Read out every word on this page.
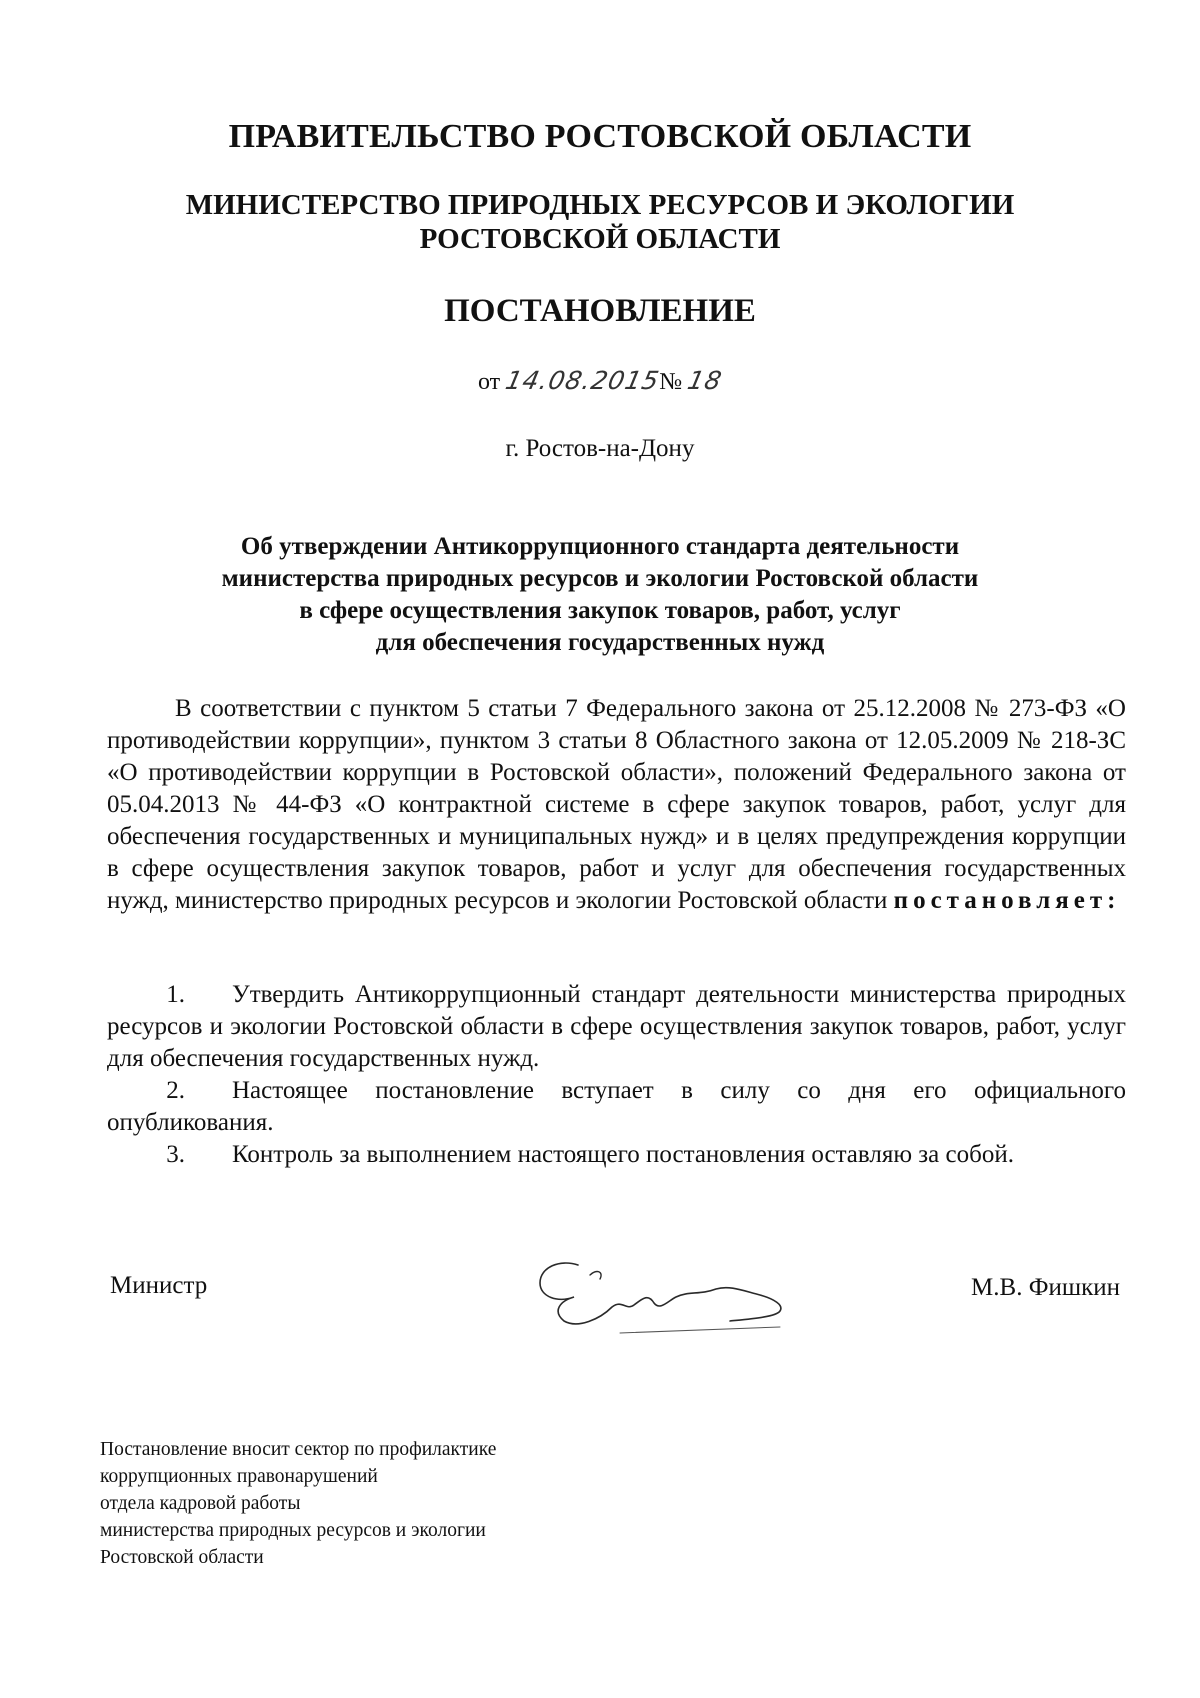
ПРАВИТЕЛЬСТВО РОСТОВСКОЙ ОБЛАСТИ
МИНИСТЕРСТВО ПРИРОДНЫХ РЕСУРСОВ И ЭКОЛОГИИ
РОСТОВСКОЙ ОБЛАСТИ
ПОСТАНОВЛЕНИЕ
от 14.08.2015№ 18
г. Ростов-на-Дону
Об утверждении Антикоррупционного стандарта деятельности
министерства природных ресурсов и экологии Ростовской области
в сфере осуществления закупок товаров, работ, услуг
для обеспечения государственных нужд
В соответствии с пунктом 5 статьи 7 Федерального закона от 25.12.2008 № 273-ФЗ «О противодействии коррупции», пунктом 3 статьи 8 Областного закона от 12.05.2009 № 218-ЗС «О противодействии коррупции в Ростовской области», положений Федерального закона от 05.04.2013 № 44-ФЗ «О контрактной системе в сфере закупок товаров, работ, услуг для обеспечения государственных и муниципальных нужд» и в целях предупреждения коррупции в сфере осуществления закупок товаров, работ и услуг для обеспечения государственных нужд, министерство природных ресурсов и экологии Ростовской области постановляет:
1. Утвердить Антикоррупционный стандарт деятельности министерства природных ресурсов и экологии Ростовской области в сфере осуществления закупок товаров, работ, услуг для обеспечения государственных нужд.
2. Настоящее постановление вступает в силу со дня его официального опубликования.
3. Контроль за выполнением настоящего постановления оставляю за собой.
Министр	М.В. Фишкин
Постановление вносит сектор по профилактике
коррупционных правонарушений
отдела кадровой работы
министерства природных ресурсов и экологии
Ростовской области
